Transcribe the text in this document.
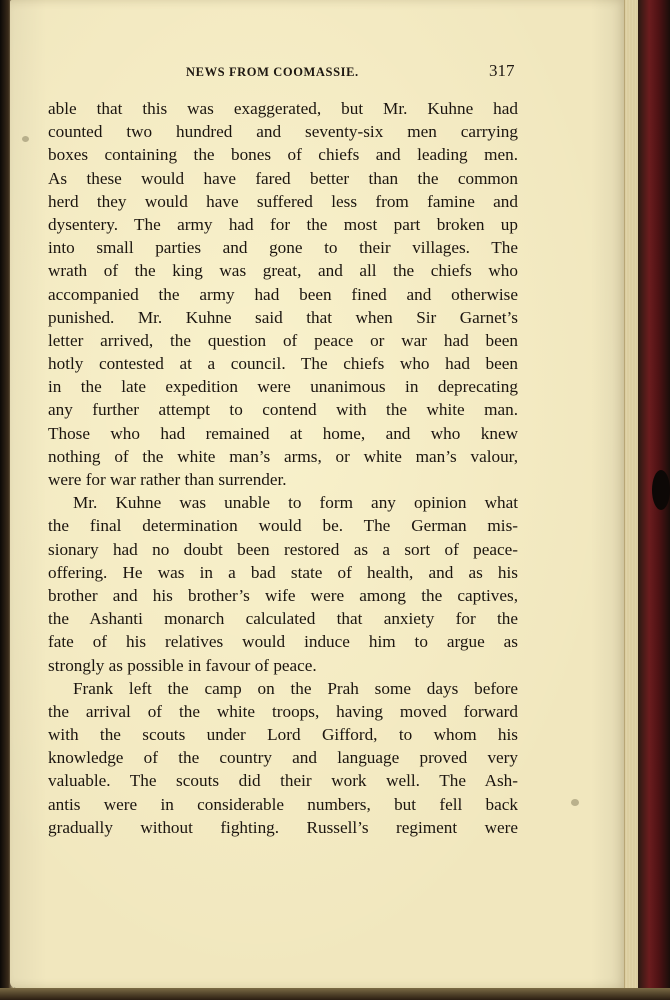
NEWS FROM COOMASSIE.	317
able that this was exaggerated, but Mr. Kuhne had
counted two hundred and seventy-six men carrying
boxes containing the bones of chiefs and leading men.
As these would have fared better than the common
herd they would have suffered less from famine and
dysentery. The army had for the most part broken up
into small parties and gone to their villages. The
wrath of the king was great, and all the chiefs who
accompanied the army had been fined and otherwise
punished. Mr. Kuhne said that when Sir Garnet’s
letter arrived, the question of peace or war had been
hotly contested at a council. The chiefs who had been
in the late expedition were unanimous in deprecating
any further attempt to contend with the white man.
Those who had remained at home, and who knew
nothing of the white man’s arms, or white man’s valour,
were for war rather than surrender.
Mr. Kuhne was unable to form any opinion what
the final determination would be. The German mis-
sionary had no doubt been restored as a sort of peace-
offering. He was in a bad state of health, and as his
brother and his brother’s wife were among the captives,
the Ashanti monarch calculated that anxiety for the
fate of his relatives would induce him to argue as
strongly as possible in favour of peace.
Frank left the camp on the Prah some days before
the arrival of the white troops, having moved forward
with the scouts under Lord Gifford, to whom his
knowledge of the country and language proved very
valuable. The scouts did their work well. The Ash-
antis were in considerable numbers, but fell back
gradually without fighting. Russell’s regiment were
